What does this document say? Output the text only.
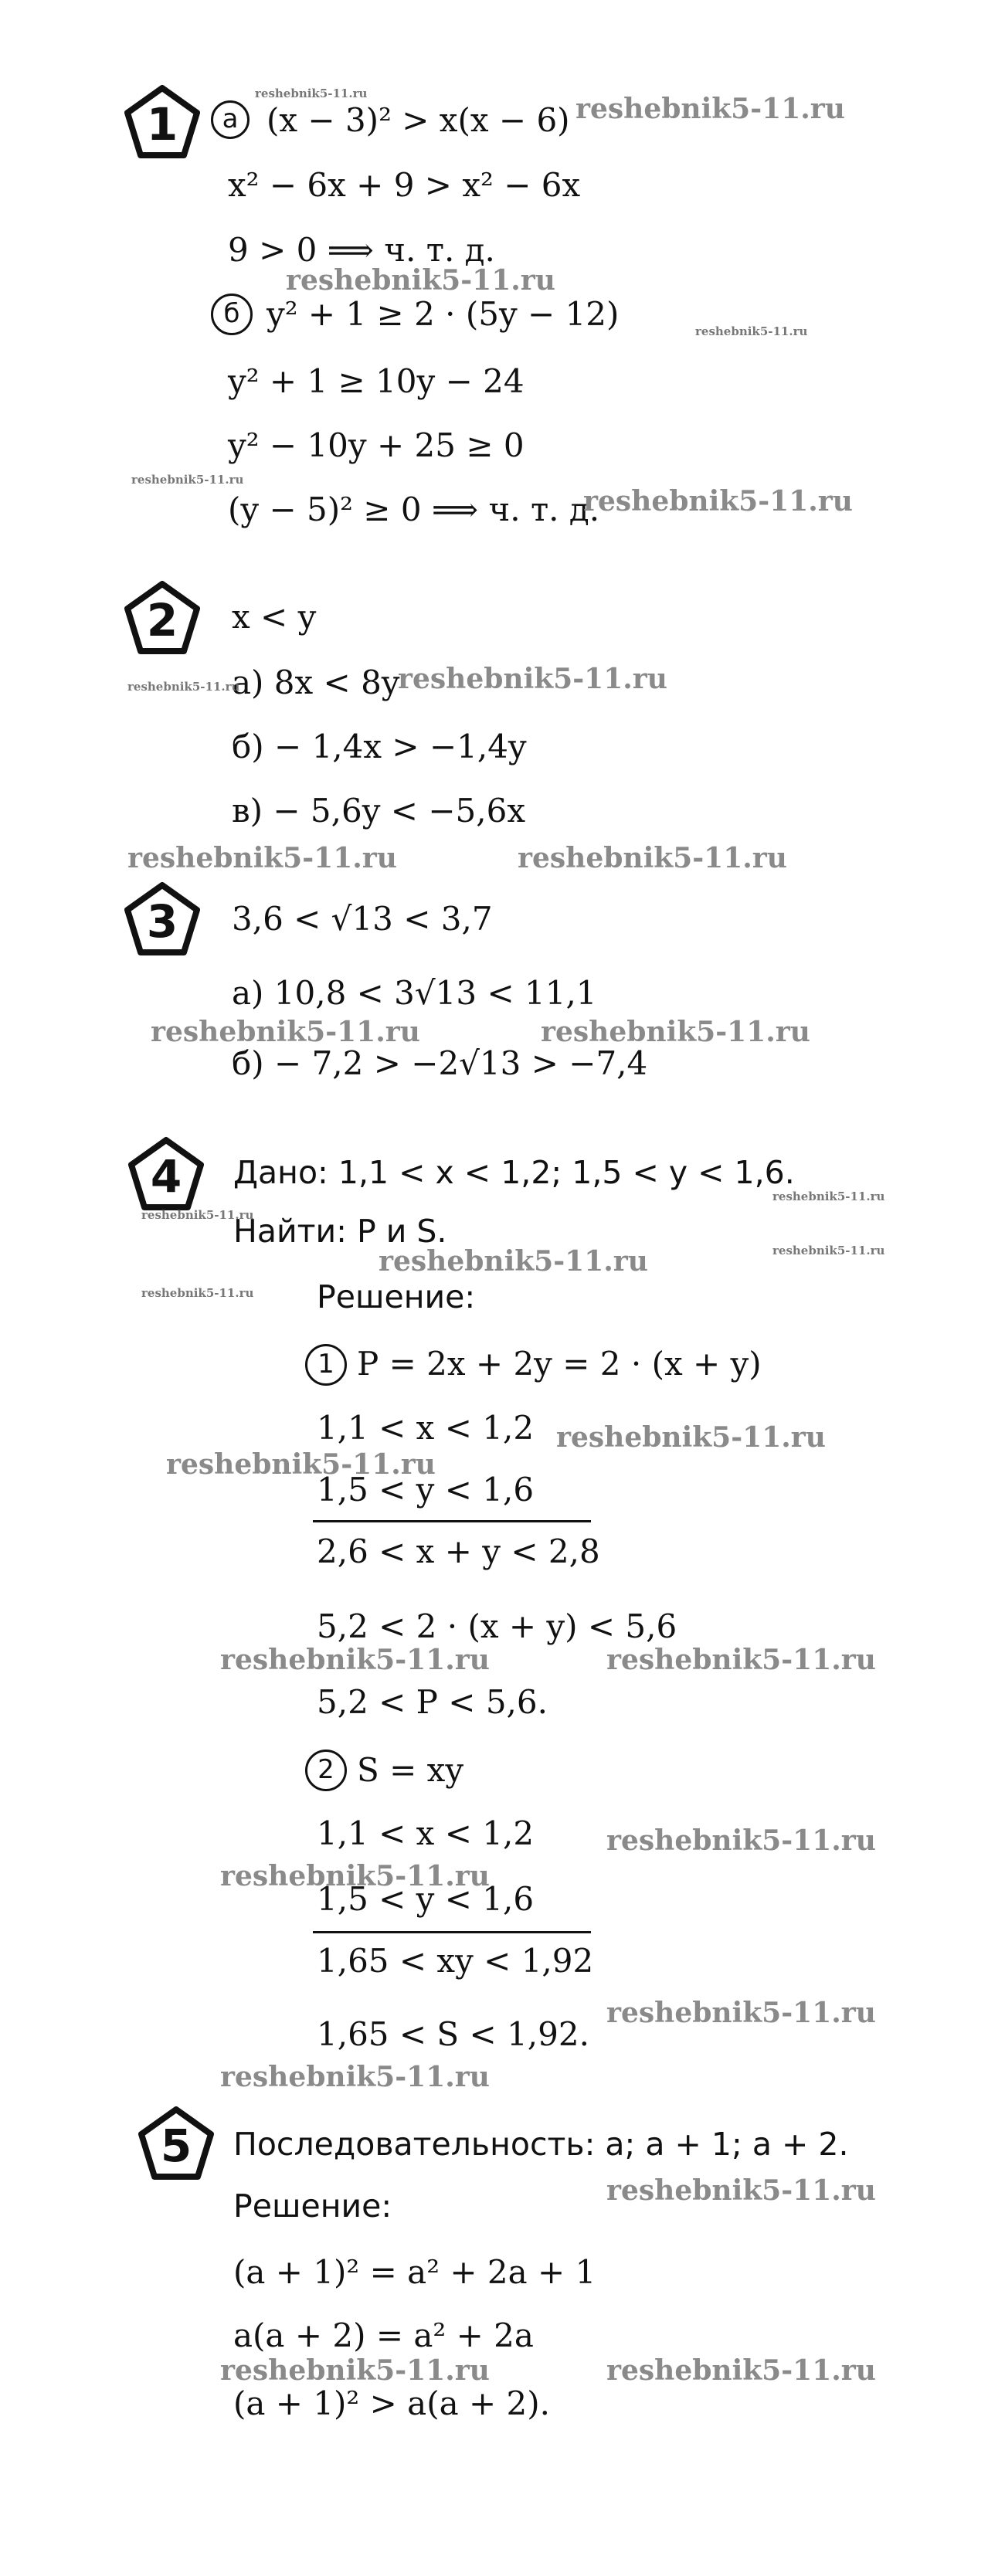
1	а (x − 3)² > x(x − 6)
x² − 6x + 9 > x² − 6x
9 > 0 ⟹ ч. т. д.
б y² + 1 ≥ 2 · (5y − 12)
y² + 1 ≥ 10y − 24
y² − 10y + 25 ≥ 0
(y − 5)² ≥ 0 ⟹ ч. т. д.
2 x < y
а) 8x < 8y
б) − 1,4x > −1,4y
в) − 5,6y < −5,6x
3 3,6 < √13 < 3,7
а) 10,8 < 3√13 < 11,1
б) − 7,2 > −2√13 > −7,4
4 Дано: 1,1 < x < 1,2; 1,5 < y < 1,6.
Найти: P и S.
Решение:
1 P = 2x + 2y = 2 · (x + y)
1,1 < x < 1,2
1,5 < y < 1,6
2,6 < x + y < 2,8
5,2 < 2 · (x + y) < 5,6
5,2 < P < 5,6.
2 S = xy
1,1 < x < 1,2
1,5 < y < 1,6
1,65 < xy < 1,92
1,65 < S < 1,92.
5 Последовательность: a; a + 1; a + 2.
Решение:
(a + 1)² = a² + 2a + 1
a(a + 2) = a² + 2a
(a + 1)² > a(a + 2).
reshebnik5-11.ru	reshebnik5-11.ru
reshebnik5-11.ru
reshebnik5-11.ru
reshebnik5-11.ru
reshebnik5-11.ru
reshebnik5-11.ru	reshebnik5-11.ru
reshebnik5-11.ru	reshebnik5-11.ru
reshebnik5-11.ru	reshebnik5-11.ru
reshebnik5-11.ru
reshebnik5-11.ru
reshebnik5-11.ru	reshebnik5-11.ru
reshebnik5-11.ru
reshebnik5-11.ru
reshebnik5-11.ru
reshebnik5-11.ru	reshebnik5-11.ru
reshebnik5-11.ru
reshebnik5-11.ru
reshebnik5-11.ru
reshebnik5-11.ru
reshebnik5-11.ru
reshebnik5-11.ru	reshebnik5-11.ru
